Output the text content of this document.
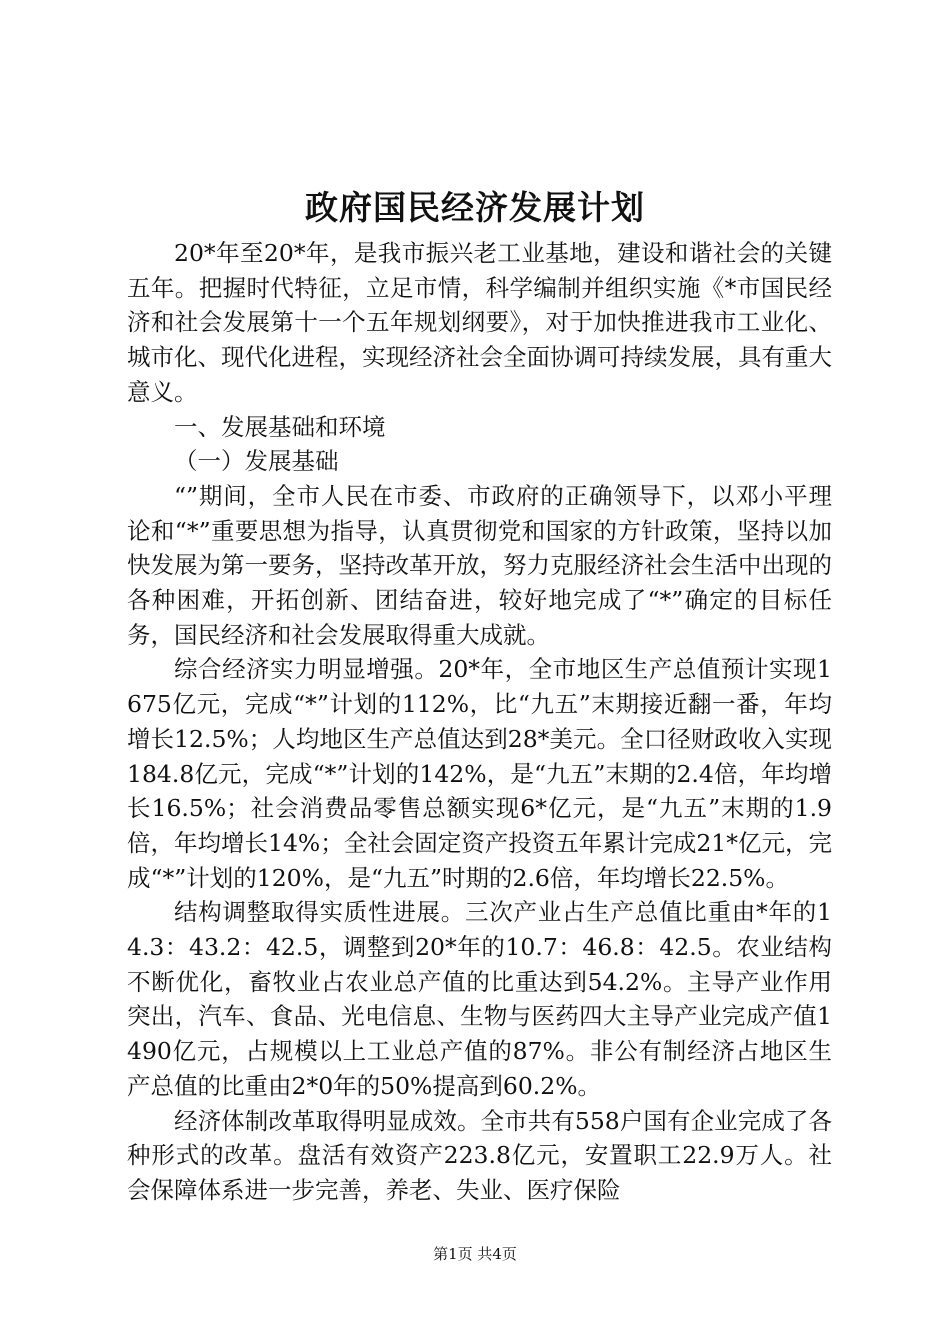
政府国民经济发展计划

20*年至20*年，是我市振兴老工业基地，建设和谐社会的关键五年。把握时代特征，立足市情，科学编制并组织实施《*市国民经济和社会发展第十一个五年规划纲要》，对于加快推进我市工业化、城市化、现代化进程，实现经济社会全面协调可持续发展，具有重大意义。

一、发展基础和环境

（一）发展基础

“”期间，全市人民在市委、市政府的正确领导下，以邓小平理论和“*”重要思想为指导，认真贯彻党和国家的方针政策，坚持以加快发展为第一要务，坚持改革开放，努力克服经济社会生活中出现的各种困难，开拓创新、团结奋进，较好地完成了“*”确定的目标任务，国民经济和社会发展取得重大成就。

综合经济实力明显增强。20*年，全市地区生产总值预计实现1675亿元，完成“*”计划的112%，比“九五”末期接近翻一番，年均增长12.5%；人均地区生产总值达到28*美元。全口径财政收入实现184.8亿元，完成“*”计划的142%，是“九五”末期的2.4倍，年均增长16.5%；社会消费品零售总额实现6*亿元，是“九五”末期的1.9倍，年均增长14%；全社会固定资产投资五年累计完成21*亿元，完成“*”计划的120%，是“九五”时期的2.6倍，年均增长22.5%。

结构调整取得实质性进展。三次产业占生产总值比重由*年的14.3：43.2：42.5，调整到20*年的10.7：46.8：42.5。农业结构不断优化，畜牧业占农业总产值的比重达到54.2%。主导产业作用突出，汽车、食品、光电信息、生物与医药四大主导产业完成产值1490亿元，占规模以上工业总产值的87%。非公有制经济占地区生产总值的比重由2*0年的50%提高到60.2%。

经济体制改革取得明显成效。全市共有558户国有企业完成了各种形式的改革。盘活有效资产223.8亿元，安置职工22.9万人。社会保障体系进一步完善，养老、失业、医疗保险

第1页 共4页
